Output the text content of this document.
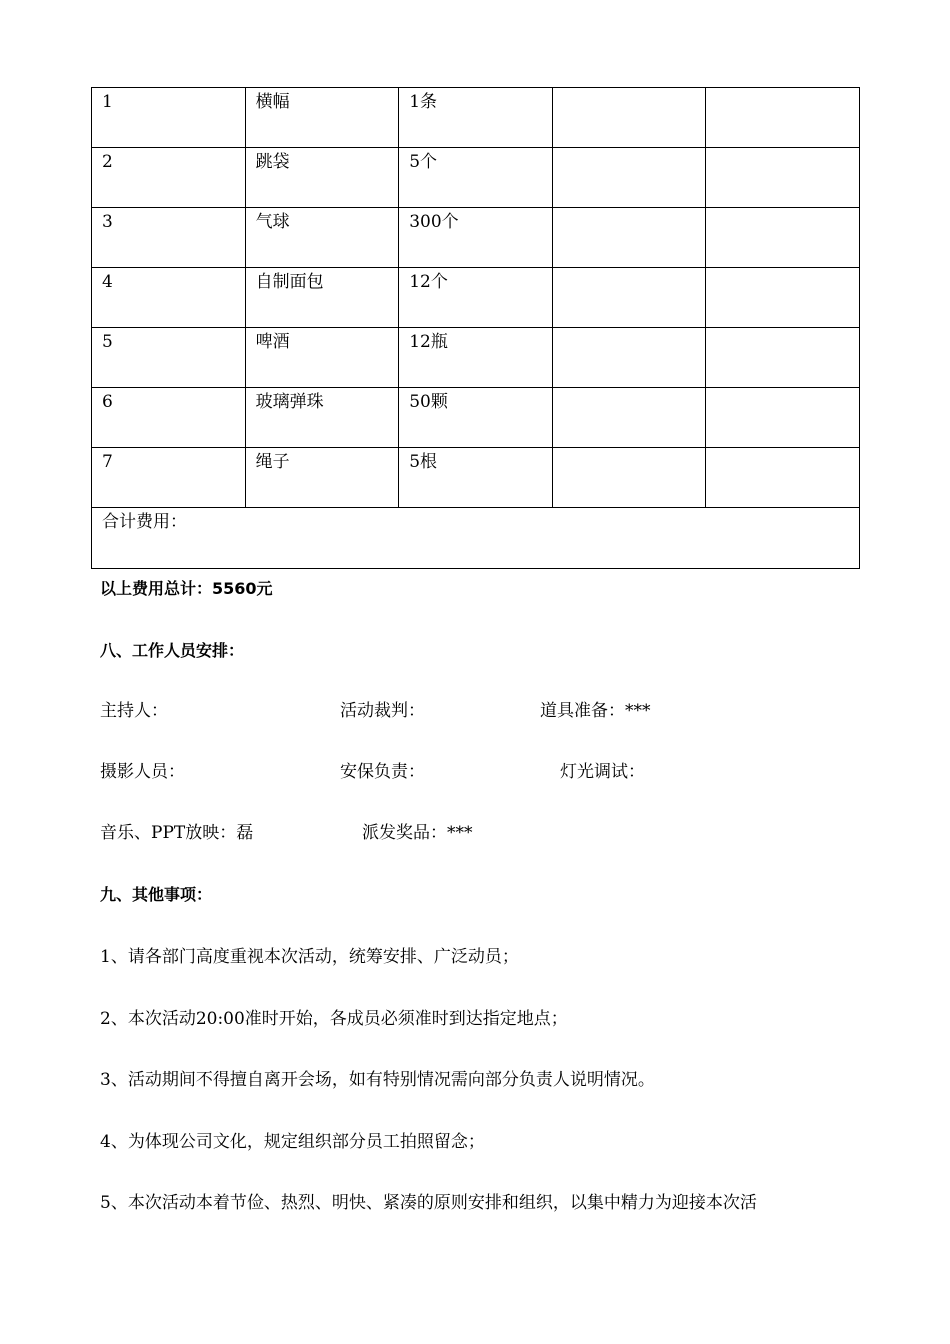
1	横幅	1条		
2	跳袋	5个		
3	气球	300个		
4	自制面包	12个		
5	啤酒	12瓶		
6	玻璃弹珠	50颗		
7	绳子	5根		
合计费用：				
以上费用总计：5560元
八、工作人员安排：
主持人：	活动裁判：	道具准备：***
摄影人员：	安保负责：	灯光调试：
音乐、PPT放映：磊	派发奖品：***
九、其他事项：
1、请各部门高度重视本次活动，统筹安排、广泛动员；
2、本次活动20:00准时开始，各成员必须准时到达指定地点；
3、活动期间不得擅自离开会场，如有特别情况需向部分负责人说明情况。
4、为体现公司文化，规定组织部分员工拍照留念；
5、本次活动本着节俭、热烈、明快、紧凑的原则安排和组织，以集中精力为迎接本次活
